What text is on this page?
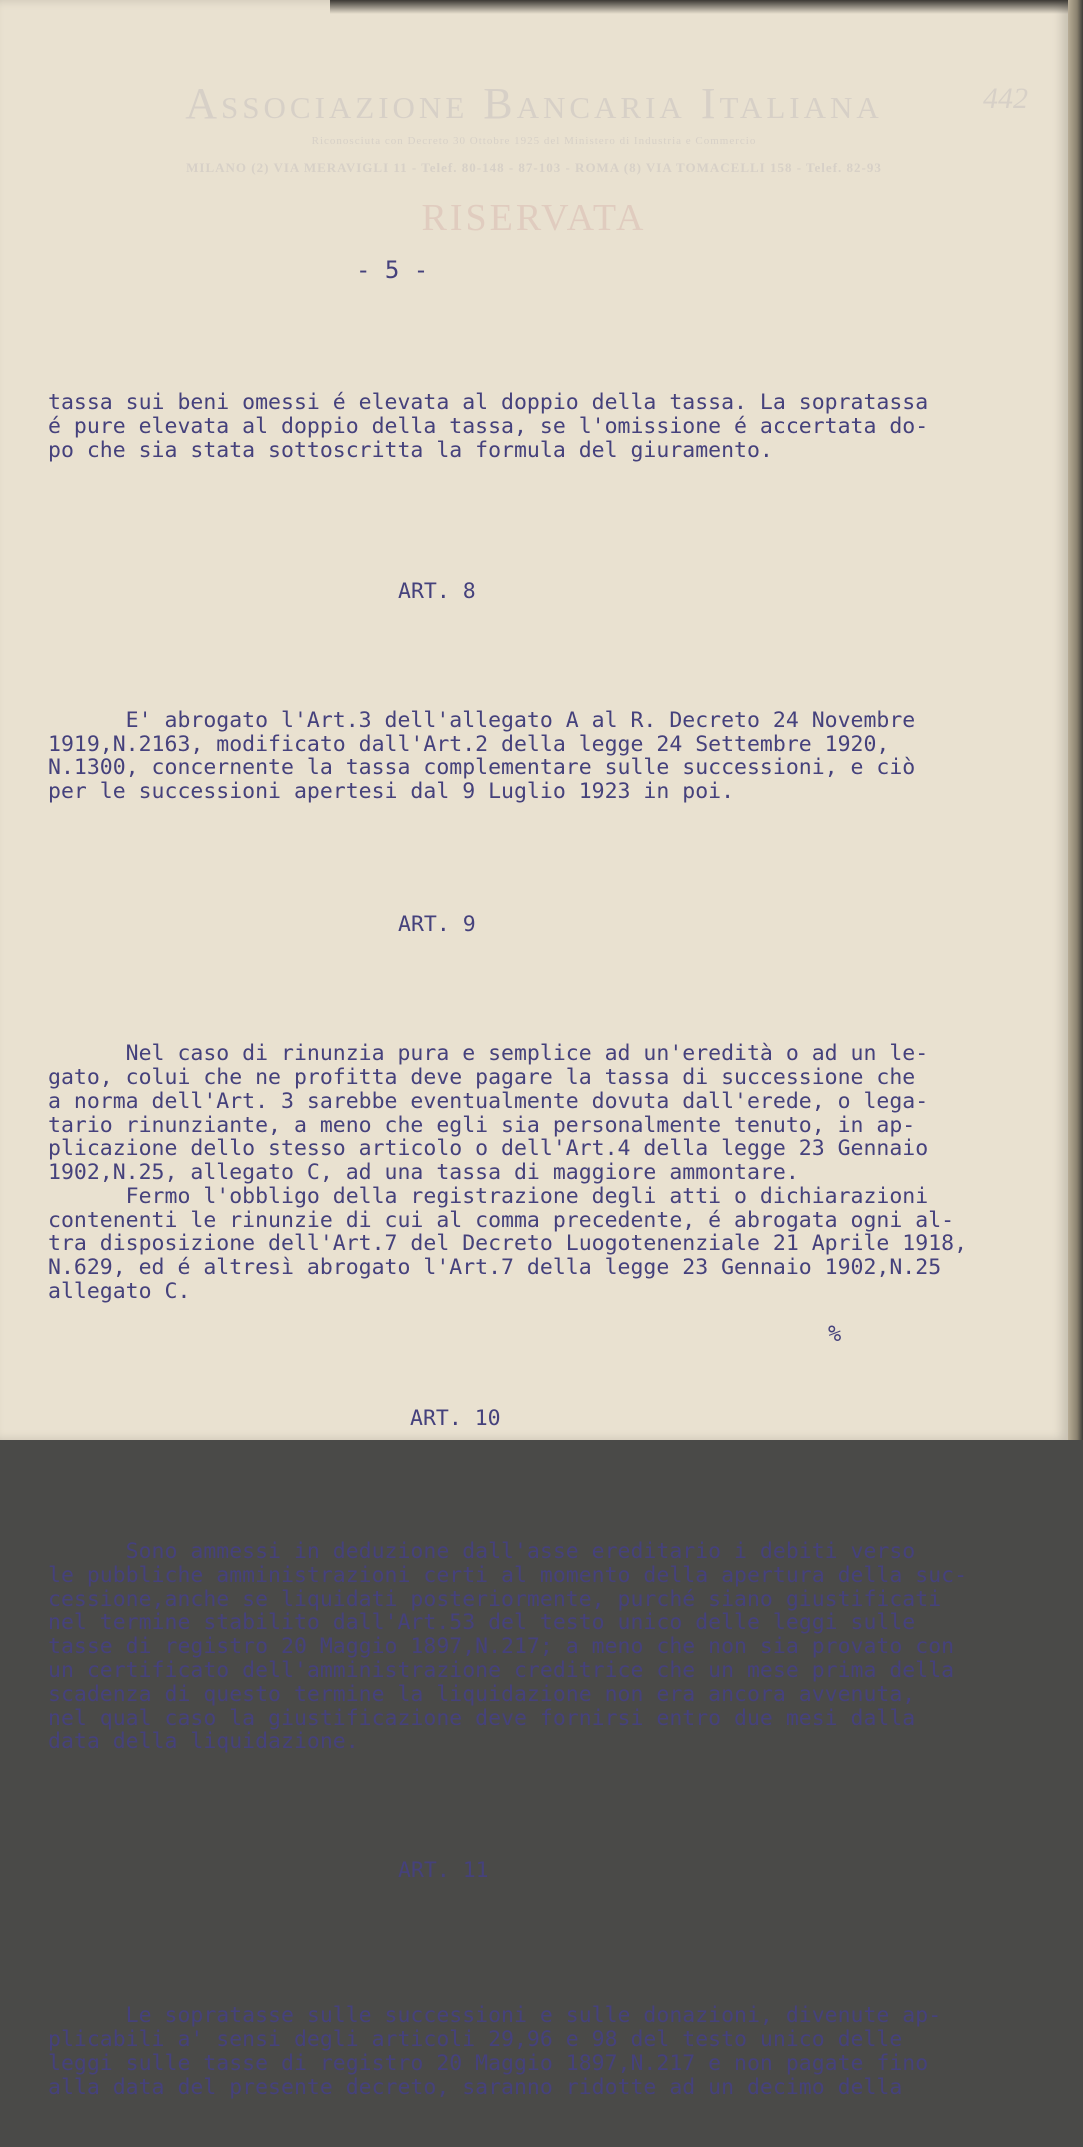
Associazione Bancaria Italiana
Riconosciuta con Decreto 30 Ottobre 1925 del Ministero di Industria e Commercio
MILANO (2) VIA MERAVIGLI 11 - Telef. 80-148 - 87-103 - ROMA (8) VIA TOMACELLI 158 - Telef. 82-93
RISERVATA
442
- 5 -

tassa sui beni omessi é elevata al doppio della tassa. La sopratassa
é pure elevata al doppio della tassa, se l'omissione é accertata do-
po che sia stata sottoscritta la formula del giuramento.

ART. 8

E' abrogato l'Art.3 dell'allegato A al R. Decreto 24 Novembre
1919,N.2163, modificato dall'Art.2 della legge 24 Settembre 1920,
N.1300, concernente la tassa complementare sulle successioni, e ciò
per le successioni apertesi dal 9 Luglio 1923 in poi.

ART. 9

Nel caso di rinunzia pura e semplice ad un'eredità o ad un le-
gato, colui che ne profitta deve pagare la tassa di successione che
a norma dell'Art. 3 sarebbe eventualmente dovuta dall'erede, o lega-
tario rinunziante, a meno che egli sia personalmente tenuto, in ap-
plicazione dello stesso articolo o dell'Art.4 della legge 23 Gennaio
1902,N.25, allegato C, ad una tassa di maggiore ammontare.
Fermo l'obbligo della registrazione degli atti o dichiarazioni
contenenti le rinunzie di cui al comma precedente, é abrogata ogni al-
tra disposizione dell'Art.7 del Decreto Luogotenenziale 21 Aprile 1918,
N.629, ed é altresì abrogato l'Art.7 della legge 23 Gennaio 1902,N.25
allegato C.

ART. 10

Sono ammessi in deduzione dall'asse ereditario i debiti verso
le pubbliche amministrazioni certi al momento della apertura della suc-
cessione,anche se liquidati posteriormente, purché siano giustificati
nel termine stabilito dall'Art.53 del testo unico delle leggi sulle
tasse di registro 20 Maggio 1897,N.217; a meno che non sia provato con
un certificato dell'amministrazione creditrice che un mese prima della
scadenza di questo termine la liquidazione non era ancora avvenuta,
nel qual caso la giustificazione deve fornirsi entro due mesi dalla
data della liquidazione.

ART. 11

Le sopratasse sulle successioni e sulle donazioni, divenute ap-
plicabili a' sensi degli articoli 29,96 e 98 del testo unico delle
leggi sulle tasse di registro 20 Maggio 1897,N.217 e non pagate fino
alla data del presente decreto, saranno ridotte ad un decimo della

%
